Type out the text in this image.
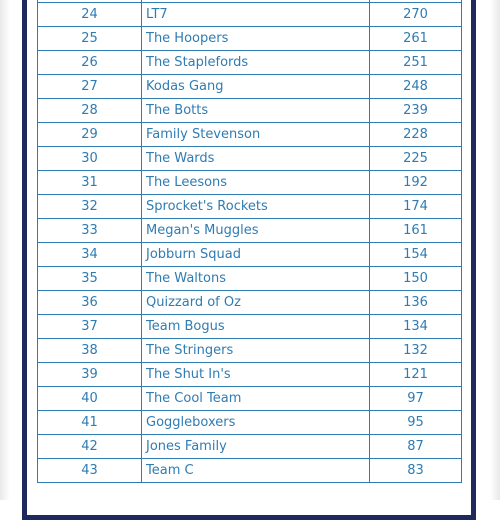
24	LT7	270
25	The Hoopers	261
26	The Staplefords	251
27	Kodas Gang	248
28	The Botts	239
29	Family Stevenson	228
30	The Wards	225
31	The Leesons	192
32	Sprocket's Rockets	174
33	Megan's Muggles	161
34	Jobburn Squad	154
35	The Waltons	150
36	Quizzard of Oz	136
37	Team Bogus	134
38	The Stringers	132
39	The Shut In's	121
40	The Cool Team	97
41	Goggleboxers	95
42	Jones Family	87
43	Team C	83
